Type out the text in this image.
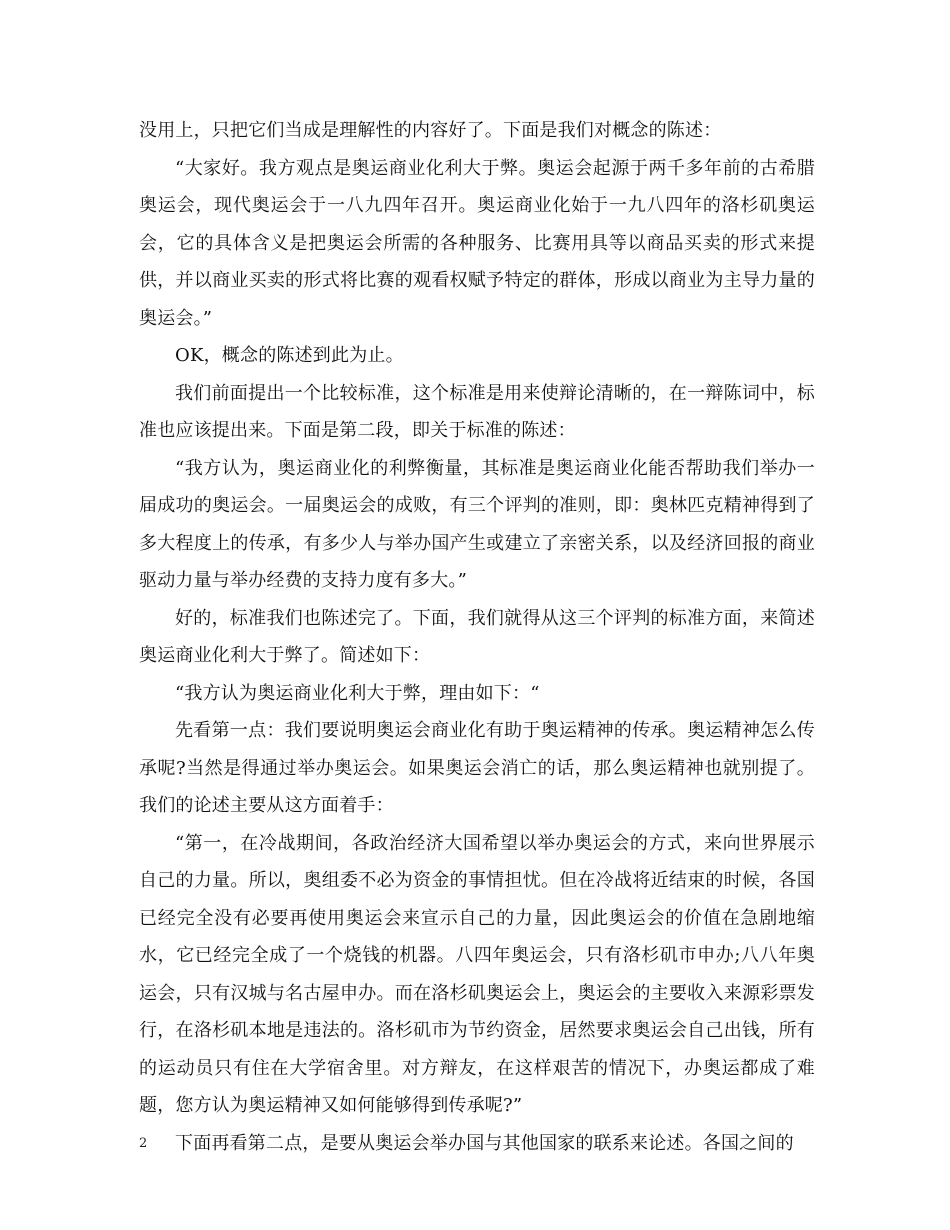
没用上，只把它们当成是理解性的内容好了。下面是我们对概念的陈述：

“大家好。我方观点是奥运商业化利大于弊。奥运会起源于两千多年前的古希腊奥运会，现代奥运会于一八九四年召开。奥运商业化始于一九八四年的洛杉矶奥运会，它的具体含义是把奥运会所需的各种服务、比赛用具等以商品买卖的形式来提供，并以商业买卖的形式将比赛的观看权赋予特定的群体，形成以商业为主导力量的奥运会。”

OK，概念的陈述到此为止。

我们前面提出一个比较标准，这个标准是用来使辩论清晰的，在一辩陈词中，标准也应该提出来。下面是第二段，即关于标准的陈述：

“我方认为，奥运商业化的利弊衡量，其标准是奥运商业化能否帮助我们举办一届成功的奥运会。一届奥运会的成败，有三个评判的准则，即：奥林匹克精神得到了多大程度上的传承，有多少人与举办国产生或建立了亲密关系，以及经济回报的商业驱动力量与举办经费的支持力度有多大。”

好的，标准我们也陈述完了。下面，我们就得从这三个评判的标准方面，来简述奥运商业化利大于弊了。简述如下：

“我方认为奥运商业化利大于弊，理由如下：“

先看第一点：我们要说明奥运会商业化有助于奥运精神的传承。奥运精神怎么传承呢?当然是得通过举办奥运会。如果奥运会消亡的话，那么奥运精神也就别提了。我们的论述主要从这方面着手：

“第一，在冷战期间，各政治经济大国希望以举办奥运会的方式，来向世界展示自己的力量。所以，奥组委不必为资金的事情担忧。但在冷战将近结束的时候，各国已经完全没有必要再使用奥运会来宣示自己的力量，因此奥运会的价值在急剧地缩水，它已经完全成了一个烧钱的机器。八四年奥运会，只有洛杉矶市申办;八八年奥运会，只有汉城与名古屋申办。而在洛杉矶奥运会上，奥运会的主要收入来源彩票发行，在洛杉矶本地是违法的。洛杉矶市为节约资金，居然要求奥运会自己出钱，所有的运动员只有住在大学宿舍里。对方辩友，在这样艰苦的情况下，办奥运都成了难题，您方认为奥运精神又如何能够得到传承呢?”

下面再看第二点，是要从奥运会举办国与其他国家的联系来论述。各国之间的

2
